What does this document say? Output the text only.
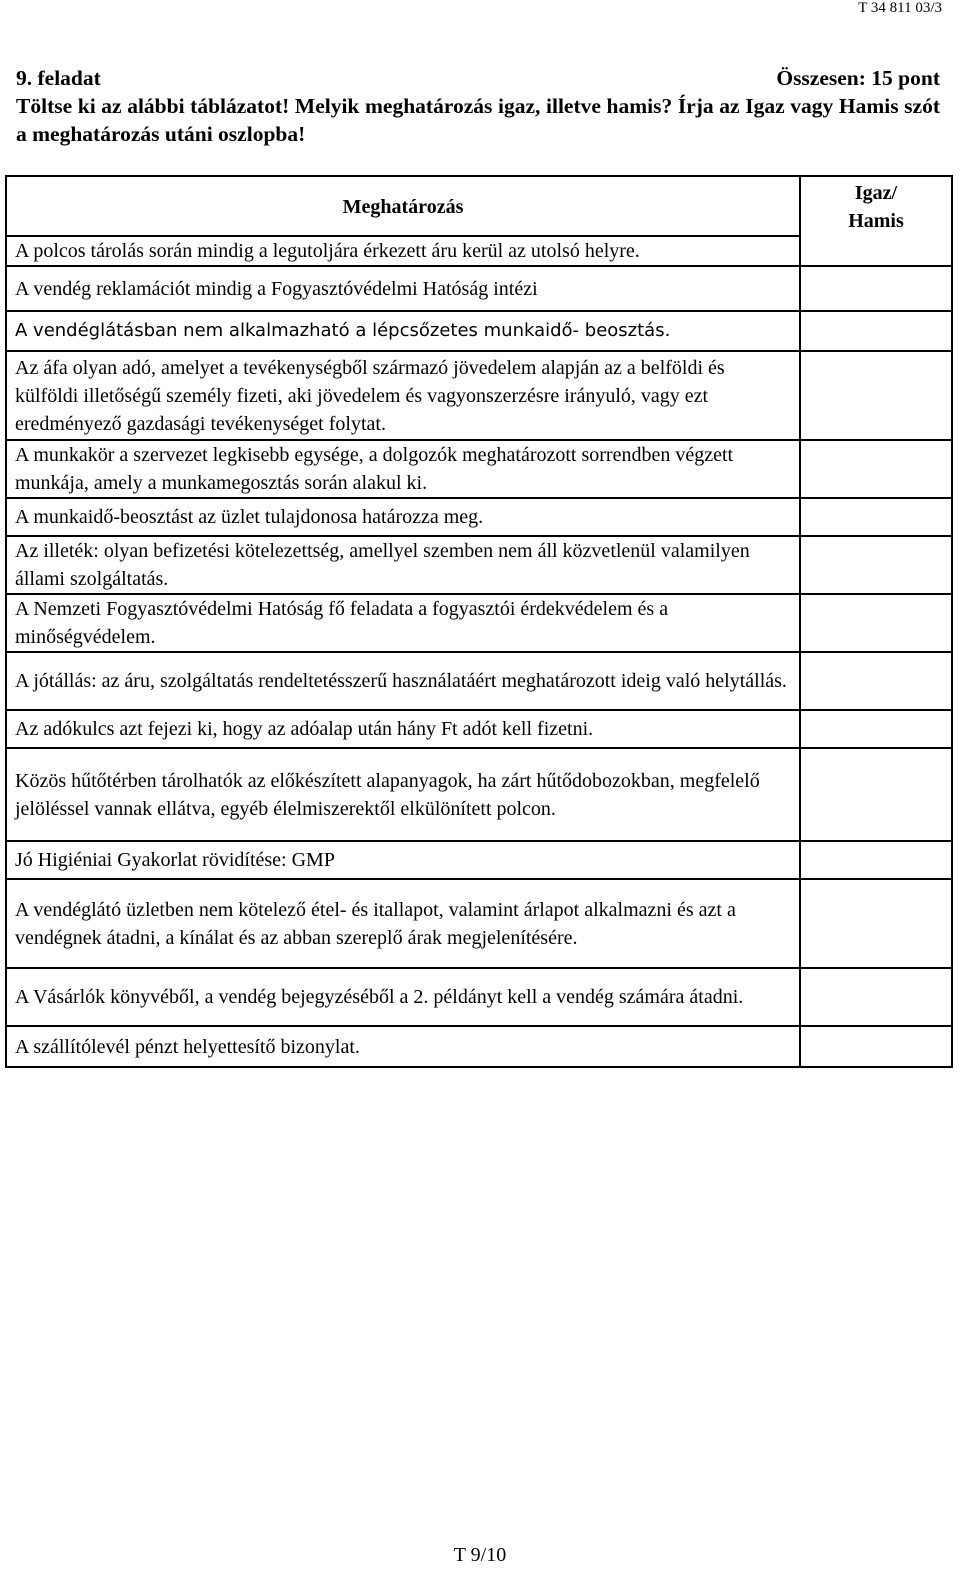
T 34 811 03/3
9. feladat	Összesen: 15 pont
Töltse ki az alábbi táblázatot! Melyik meghatározás igaz, illetve hamis? Írja az Igaz vagy Hamis szót a meghatározás utáni oszlopba!
Meghatározás	Igaz/
Hamis
A polcos tárolás során mindig a legutoljára érkezett áru kerül az utolsó helyre.	
A vendég reklamációt mindig a Fogyasztóvédelmi Hatóság intézi	
A vendéglátásban nem alkalmazható a lépcsőzetes munkaidő- beosztás.	
Az áfa olyan adó, amelyet a tevékenységből származó jövedelem alapján az a belföldi és külföldi illetőségű személy fizeti, aki jövedelem és vagyonszerzésre irányuló, vagy ezt eredményező gazdasági tevékenységet folytat.	
A munkakör a szervezet legkisebb egysége, a dolgozók meghatározott sorrendben végzett munkája, amely a munkamegosztás során alakul ki.	
A munkaidő-beosztást az üzlet tulajdonosa határozza meg.	
Az illeték: olyan befizetési kötelezettség, amellyel szemben nem áll közvetlenül valamilyen állami szolgáltatás.	
A Nemzeti Fogyasztóvédelmi Hatóság fő feladata a fogyasztói érdekvédelem és a minőségvédelem.	
A jótállás: az áru, szolgáltatás rendeltetésszerű használatáért meghatározott ideig való helytállás.	
Az adókulcs azt fejezi ki, hogy az adóalap után hány Ft adót kell fizetni.	
Közös hűtőtérben tárolhatók az előkészített alapanyagok, ha zárt hűtődobozokban, megfelelő jelöléssel vannak ellátva, egyéb élelmiszerektől elkülönített polcon.	
Jó Higiéniai Gyakorlat rövidítése: GMP	
A vendéglátó üzletben nem kötelező étel- és itallapot, valamint árlapot alkalmazni és azt a vendégnek átadni, a kínálat és az abban szereplő árak megjelenítésére.	
A Vásárlók könyvéből, a vendég bejegyzéséből a 2. példányt kell a vendég számára átadni.	
A szállítólevél pénzt helyettesítő bizonylat.	
T 9/10
